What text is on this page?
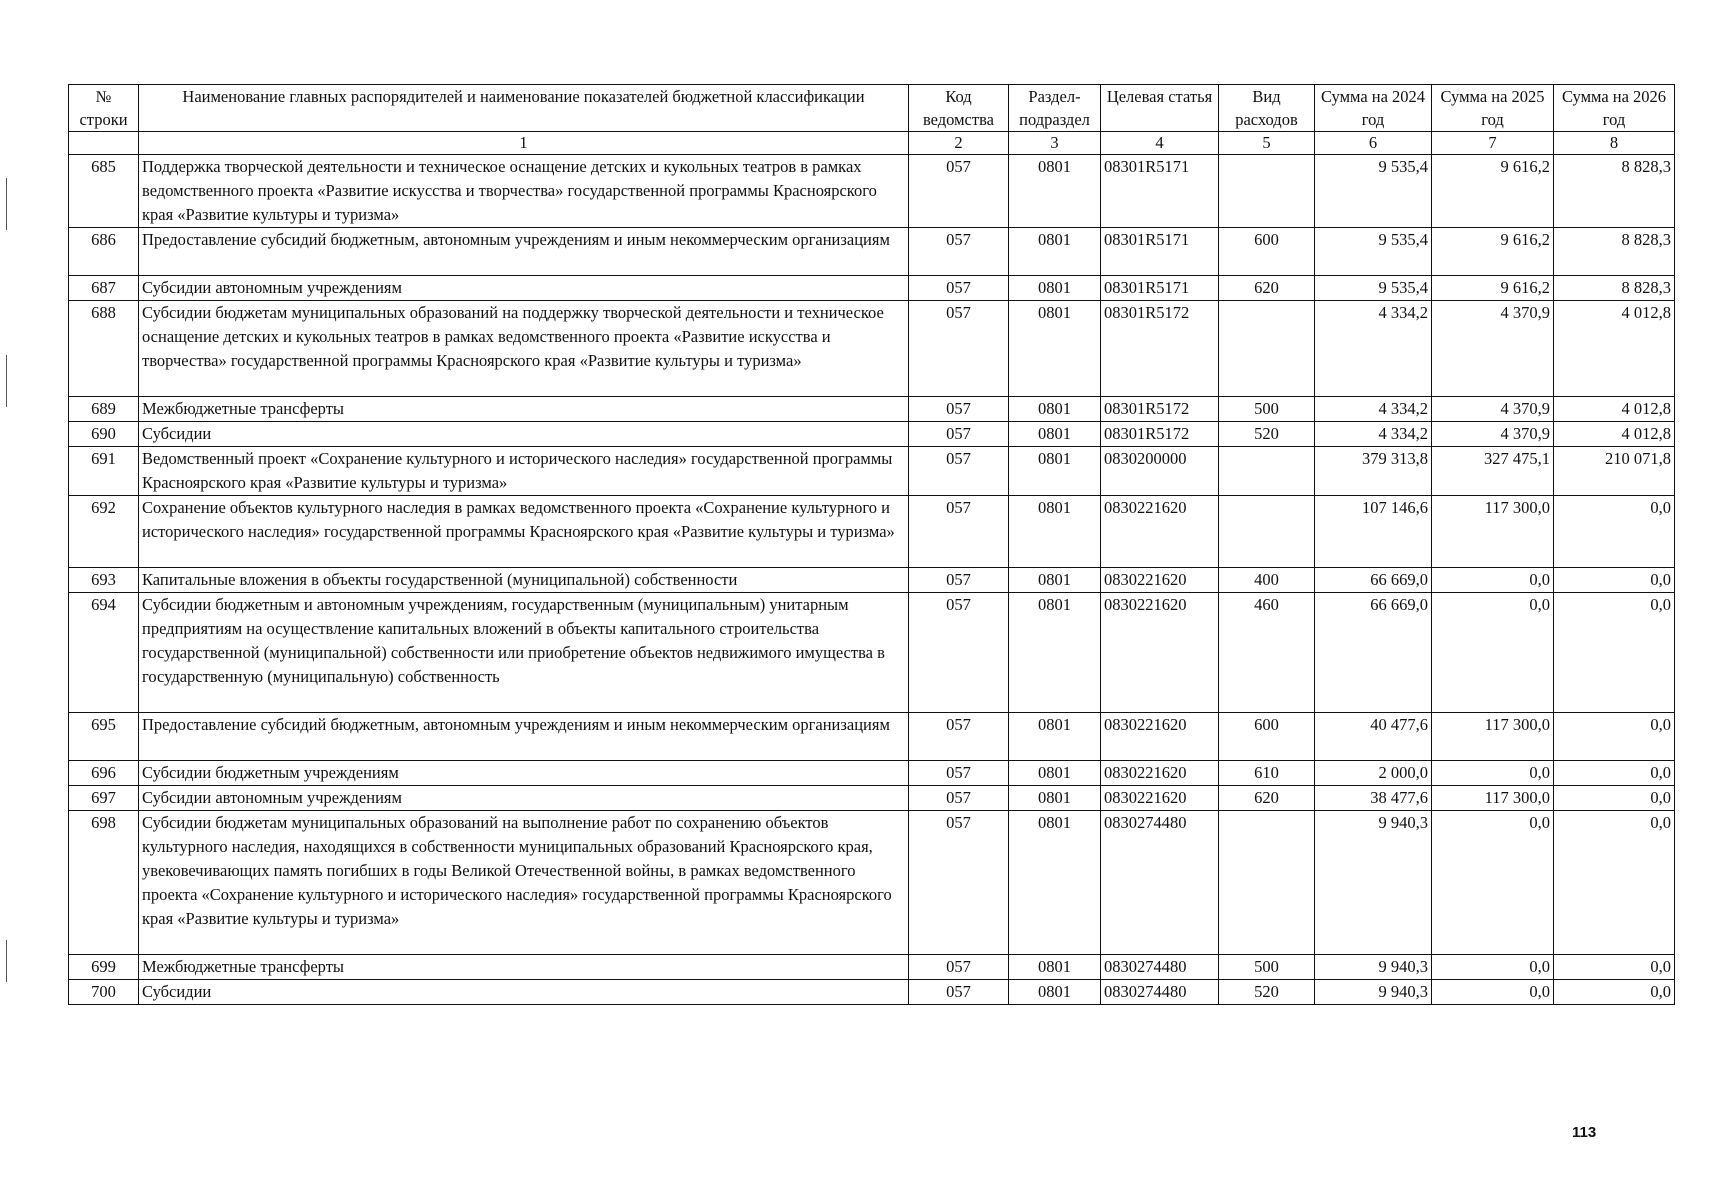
№ строки	Наименование главных распорядителей и наименование показателей бюджетной классификации	Код ведомства	Раздел-подраздел	Целевая статья	Вид расходов	Сумма на 2024 год	Сумма на 2025 год	Сумма на 2026 год
	1	2	3	4	5	6	7	8
685	Поддержка творческой деятельности и техническое оснащение детских и кукольных театров в рамках ведомственного проекта «Развитие искусства и творчества» государственной программы Красноярского края «Развитие культуры и туризма»	057	0801	08301R5171		9 535,4	9 616,2	8 828,3
686	Предоставление субсидий бюджетным, автономным учреждениям и иным некоммерческим организациям	057	0801	08301R5171	600	9 535,4	9 616,2	8 828,3
687	Субсидии автономным учреждениям	057	0801	08301R5171	620	9 535,4	9 616,2	8 828,3
688	Субсидии бюджетам муниципальных образований на поддержку творческой деятельности и техническое оснащение детских и кукольных театров в рамках ведомственного проекта «Развитие искусства и творчества» государственной программы Красноярского края «Развитие культуры и туризма»	057	0801	08301R5172		4 334,2	4 370,9	4 012,8
689	Межбюджетные трансферты	057	0801	08301R5172	500	4 334,2	4 370,9	4 012,8
690	Субсидии	057	0801	08301R5172	520	4 334,2	4 370,9	4 012,8
691	Ведомственный проект «Сохранение культурного и исторического наследия» государственной программы Красноярского края «Развитие культуры и туризма»	057	0801	0830200000		379 313,8	327 475,1	210 071,8
692	Сохранение объектов культурного наследия в рамках ведомственного проекта «Сохранение культурного и исторического наследия» государственной программы Красноярского края «Развитие культуры и туризма»	057	0801	0830221620		107 146,6	117 300,0	0,0
693	Капитальные вложения в объекты государственной (муниципальной) собственности	057	0801	0830221620	400	66 669,0	0,0	0,0
694	Субсидии бюджетным и автономным учреждениям, государственным (муниципальным) унитарным предприятиям на осуществление капитальных вложений в объекты капитального строительства государственной (муниципальной) собственности или приобретение объектов недвижимого имущества в государственную (муниципальную) собственность	057	0801	0830221620	460	66 669,0	0,0	0,0
695	Предоставление субсидий бюджетным, автономным учреждениям и иным некоммерческим организациям	057	0801	0830221620	600	40 477,6	117 300,0	0,0
696	Субсидии бюджетным учреждениям	057	0801	0830221620	610	2 000,0	0,0	0,0
697	Субсидии автономным учреждениям	057	0801	0830221620	620	38 477,6	117 300,0	0,0
698	Субсидии бюджетам муниципальных образований на выполнение работ по сохранению объектов культурного наследия, находящихся в собственности муниципальных образований Красноярского края, увековечивающих память погибших в годы Великой Отечественной войны, в рамках ведомственного проекта «Сохранение культурного и исторического наследия» государственной программы Красноярского края «Развитие культуры и туризма»	057	0801	0830274480		9 940,3	0,0	0,0
699	Межбюджетные трансферты	057	0801	0830274480	500	9 940,3	0,0	0,0
700	Субсидии	057	0801	0830274480	520	9 940,3	0,0	0,0
113
